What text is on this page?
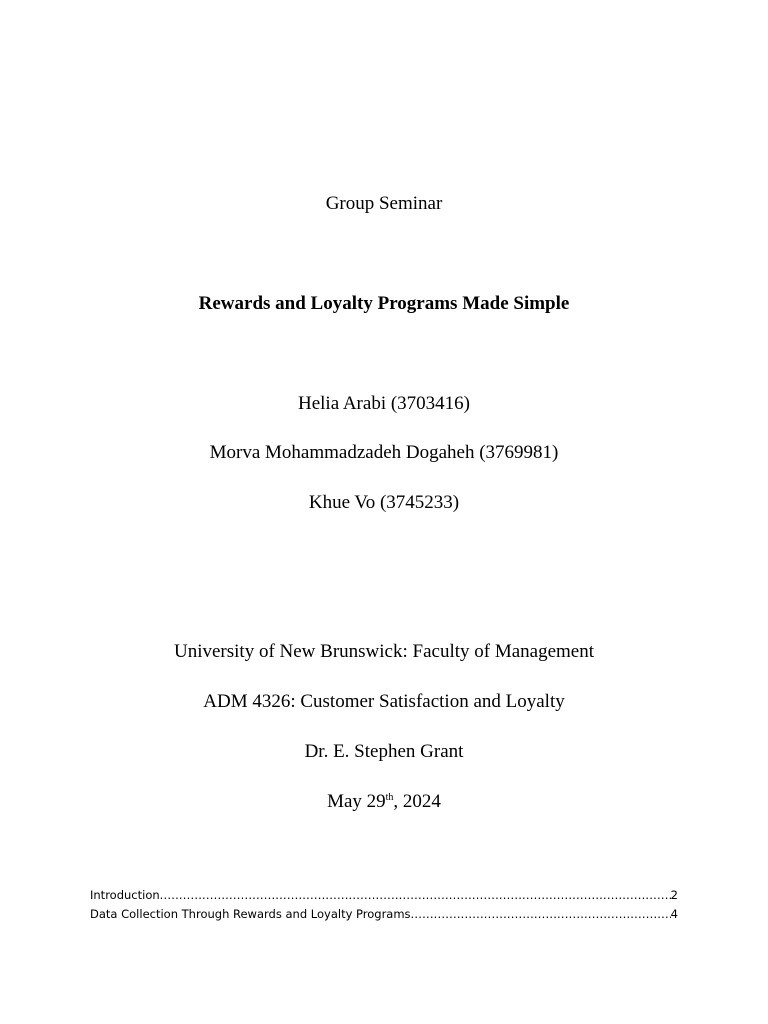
Group Seminar
Rewards and Loyalty Programs Made Simple
Helia Arabi (3703416)
Morva Mohammadzadeh Dogaheh (3769981)
Khue Vo (3745233)
University of New Brunswick: Faculty of Management
ADM 4326: Customer Satisfaction and Loyalty
Dr. E. Stephen Grant
May 29th, 2024
Introduction .....	2
Data Collection Through Rewards and Loyalty Programs .....	4
